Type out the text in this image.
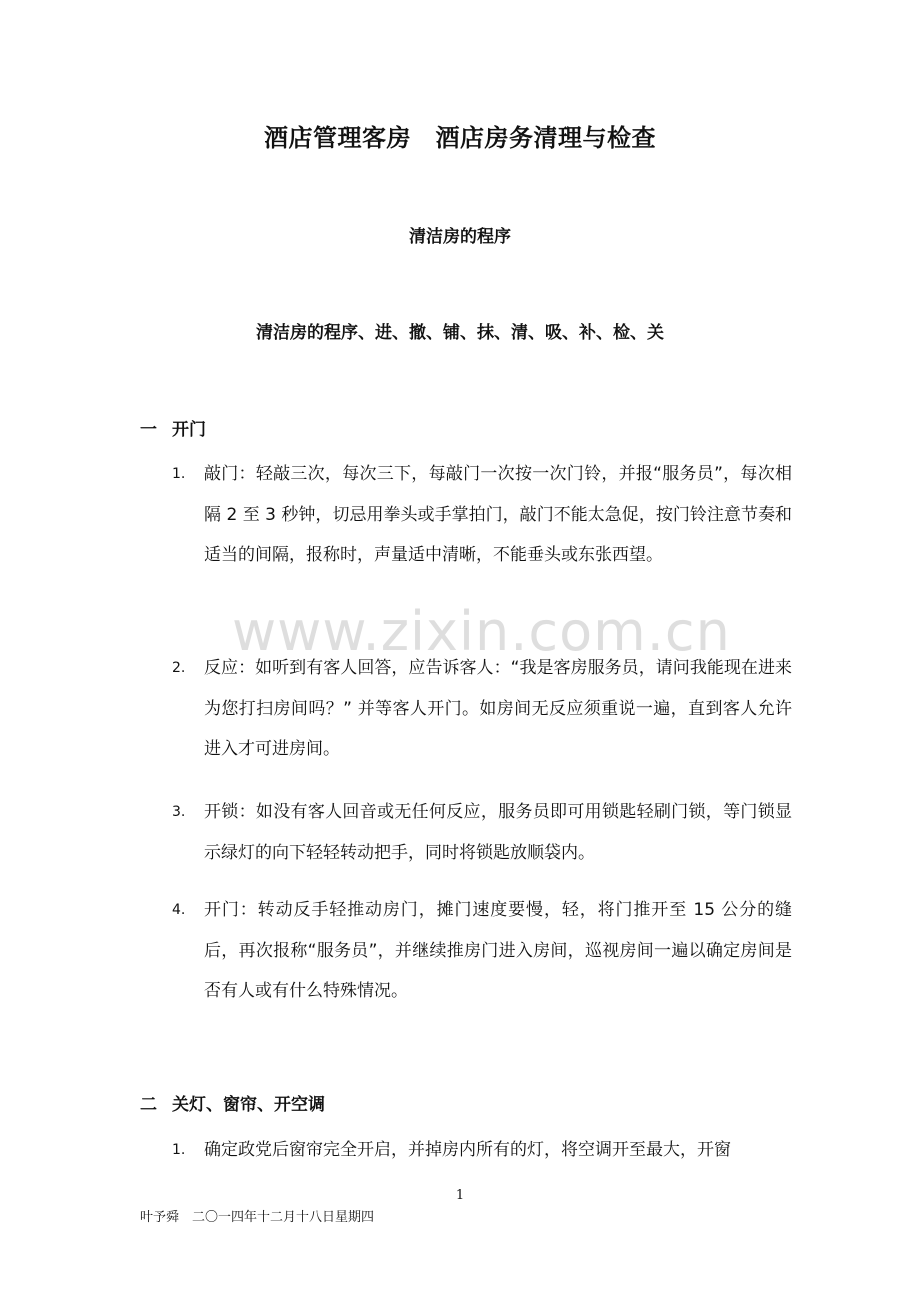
酒店管理客房　酒店房务清理与检查
清洁房的程序
清洁房的程序、进、撤、铺、抹、清、吸、补、检、关
一 开门
1. 敲门：轻敲三次，每次三下，每敲门一次按一次门铃，并报“服务员”，每次相隔 2 至 3 秒钟，切忌用拳头或手掌拍门，敲门不能太急促，按门铃注意节奏和适当的间隔，报称时，声量适中清晰，不能垂头或东张西望。
2. 反应：如听到有客人回答，应告诉客人：“我是客房服务员，请问我能现在进来为您打扫房间吗？” 并等客人开门。如房间无反应须重说一遍，直到客人允许进入才可进房间。
3. 开锁：如没有客人回音或无任何反应，服务员即可用锁匙轻刷门锁，等门锁显示绿灯的向下轻轻转动把手，同时将锁匙放顺袋内。
4. 开门：转动反手轻推动房门，摊门速度要慢，轻，将门推开至 15 公分的缝后，再次报称“服务员”，并继续推房门进入房间，巡视房间一遍以确定房间是否有人或有什么特殊情况。
二 关灯、窗帘、开空调
1. 确定政党后窗帘完全开启，并掉房内所有的灯，将空调开至最大，开窗
www.zixin.com.cn
1
叶予舜　二〇一四年十二月十八日星期四
